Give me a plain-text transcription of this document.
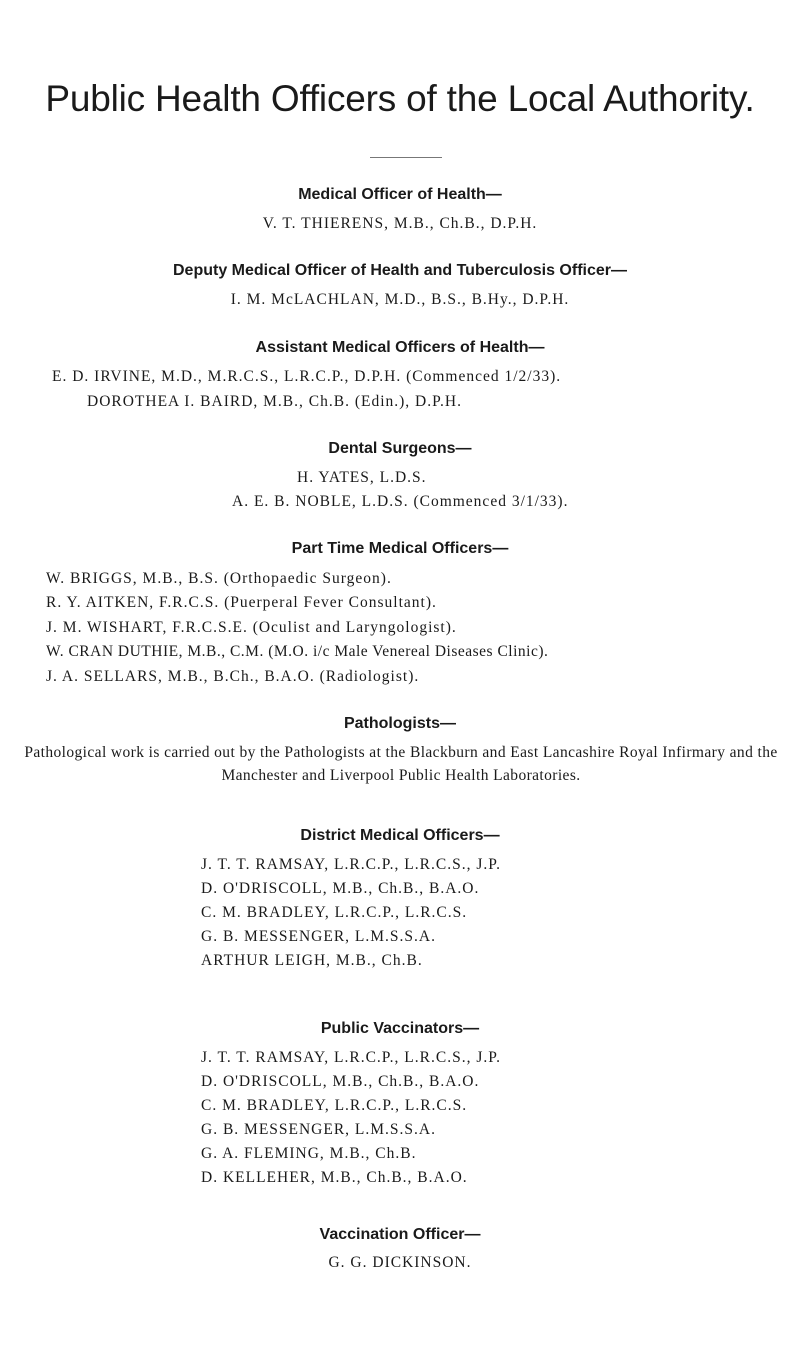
Public Health Officers of the Local Authority.
Medical Officer of Health—
V. T. THIERENS, M.B., Ch.B., D.P.H.
Deputy Medical Officer of Health and Tuberculosis Officer—
I. M. McLACHLAN, M.D., B.S., B.Hy., D.P.H.
Assistant Medical Officers of Health—
E. D. IRVINE, M.D., M.R.C.S., L.R.C.P., D.P.H. (Commenced 1/2/33).
DOROTHEA I. BAIRD, M.B., Ch.B. (Edin.), D.P.H.
Dental Surgeons—
H. YATES, L.D.S.
A. E. B. NOBLE, L.D.S. (Commenced 3/1/33).
Part Time Medical Officers—
W. BRIGGS, M.B., B.S. (Orthopaedic Surgeon).
R. Y. AITKEN, F.R.C.S. (Puerperal Fever Consultant).
J. M. WISHART, F.R.C.S.E. (Oculist and Laryngologist).
W. CRAN DUTHIE, M.B., C.M. (M.O. i/c Male Venereal Diseases Clinic).
J. A. SELLARS, M.B., B.Ch., B.A.O. (Radiologist).
Pathologists—
Pathological work is carried out by the Pathologists at the Blackburn and East Lancashire Royal Infirmary and the Manchester and Liverpool Public Health Laboratories.
District Medical Officers—
J. T. T. RAMSAY, L.R.C.P., L.R.C.S., J.P.
D. O'DRISCOLL, M.B., Ch.B., B.A.O.
C. M. BRADLEY, L.R.C.P., L.R.C.S.
G. B. MESSENGER, L.M.S.S.A.
ARTHUR LEIGH, M.B., Ch.B.
Public Vaccinators—
J. T. T. RAMSAY, L.R.C.P., L.R.C.S., J.P.
D. O'DRISCOLL, M.B., Ch.B., B.A.O.
C. M. BRADLEY, L.R.C.P., L.R.C.S.
G. B. MESSENGER, L.M.S.S.A.
G. A. FLEMING, M.B., Ch.B.
D. KELLEHER, M.B., Ch.B., B.A.O.
Vaccination Officer—
G. G. DICKINSON.
